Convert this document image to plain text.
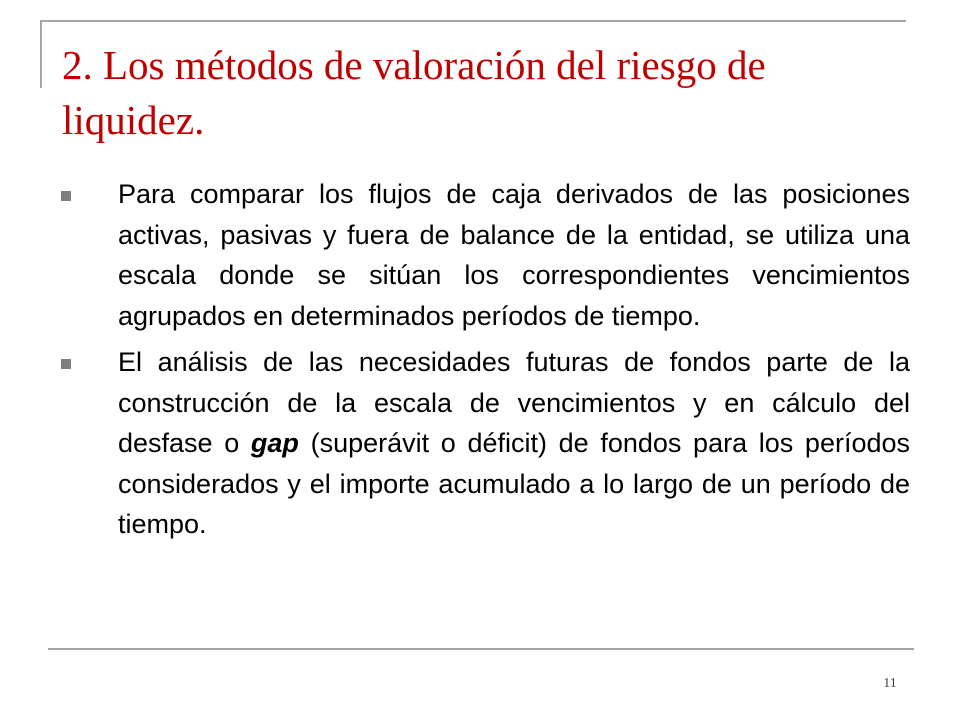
2. Los métodos de valoración del riesgo de liquidez.
Para comparar los flujos de caja derivados de las posiciones activas, pasivas y fuera de balance de la entidad, se utiliza una escala donde se sitúan los correspondientes vencimientos agrupados en determinados períodos de tiempo.
El análisis de las necesidades futuras de fondos parte de la construcción de la escala de vencimientos y en cálculo del desfase o gap (superávit o déficit) de fondos para los períodos considerados y el importe acumulado a lo largo de un período de tiempo.
11
